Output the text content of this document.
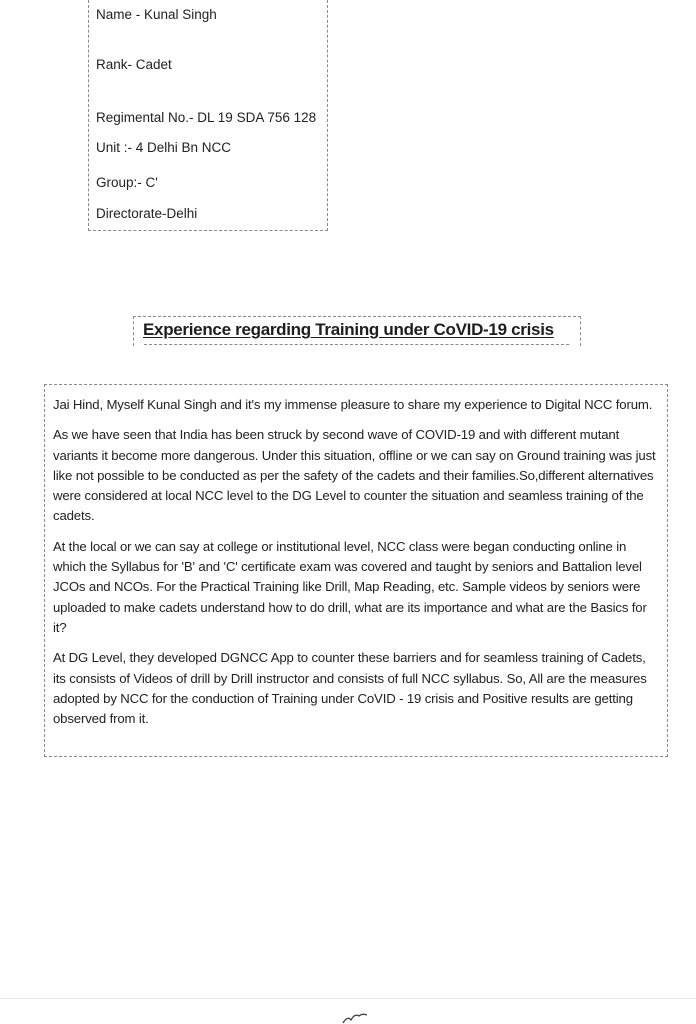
Name - Kunal Singh
Rank- Cadet
Regimental No.- DL 19 SDA 756 128
Unit :- 4 Delhi Bn NCC
Group:- C'
Directorate-Delhi
Experience regarding Training under CoVID-19 crisis

Jai Hind, Myself Kunal Singh and it's my immense pleasure to share my experience to Digital NCC forum.

As we have seen that India has been struck by second wave of COVID-19 and with different mutant variants it become more dangerous. Under this situation, offline or we can say on Ground training was just like not possible to be conducted as per the safety of the cadets and their families.So,different alternatives were considered at local NCC level to the DG Level to counter the situation and seamless training of the cadets.

At the local or we can say at college or institutional level, NCC class were began conducting online in which the Syllabus for 'B' and 'C' certificate exam was covered and taught by seniors and Battalion level JCOs and NCOs. For the Practical Training like Drill, Map Reading, etc. Sample videos by seniors were uploaded to make cadets understand how to do drill, what are its importance and what are the Basics for it?

At DG Level, they developed DGNCC App to counter these barriers and for seamless training of Cadets, its consists of Videos of drill by Drill instructor and consists of full NCC syllabus. So, All are the measures adopted by NCC for the conduction of Training under CoVID - 19 crisis and Positive results are getting observed from it.
